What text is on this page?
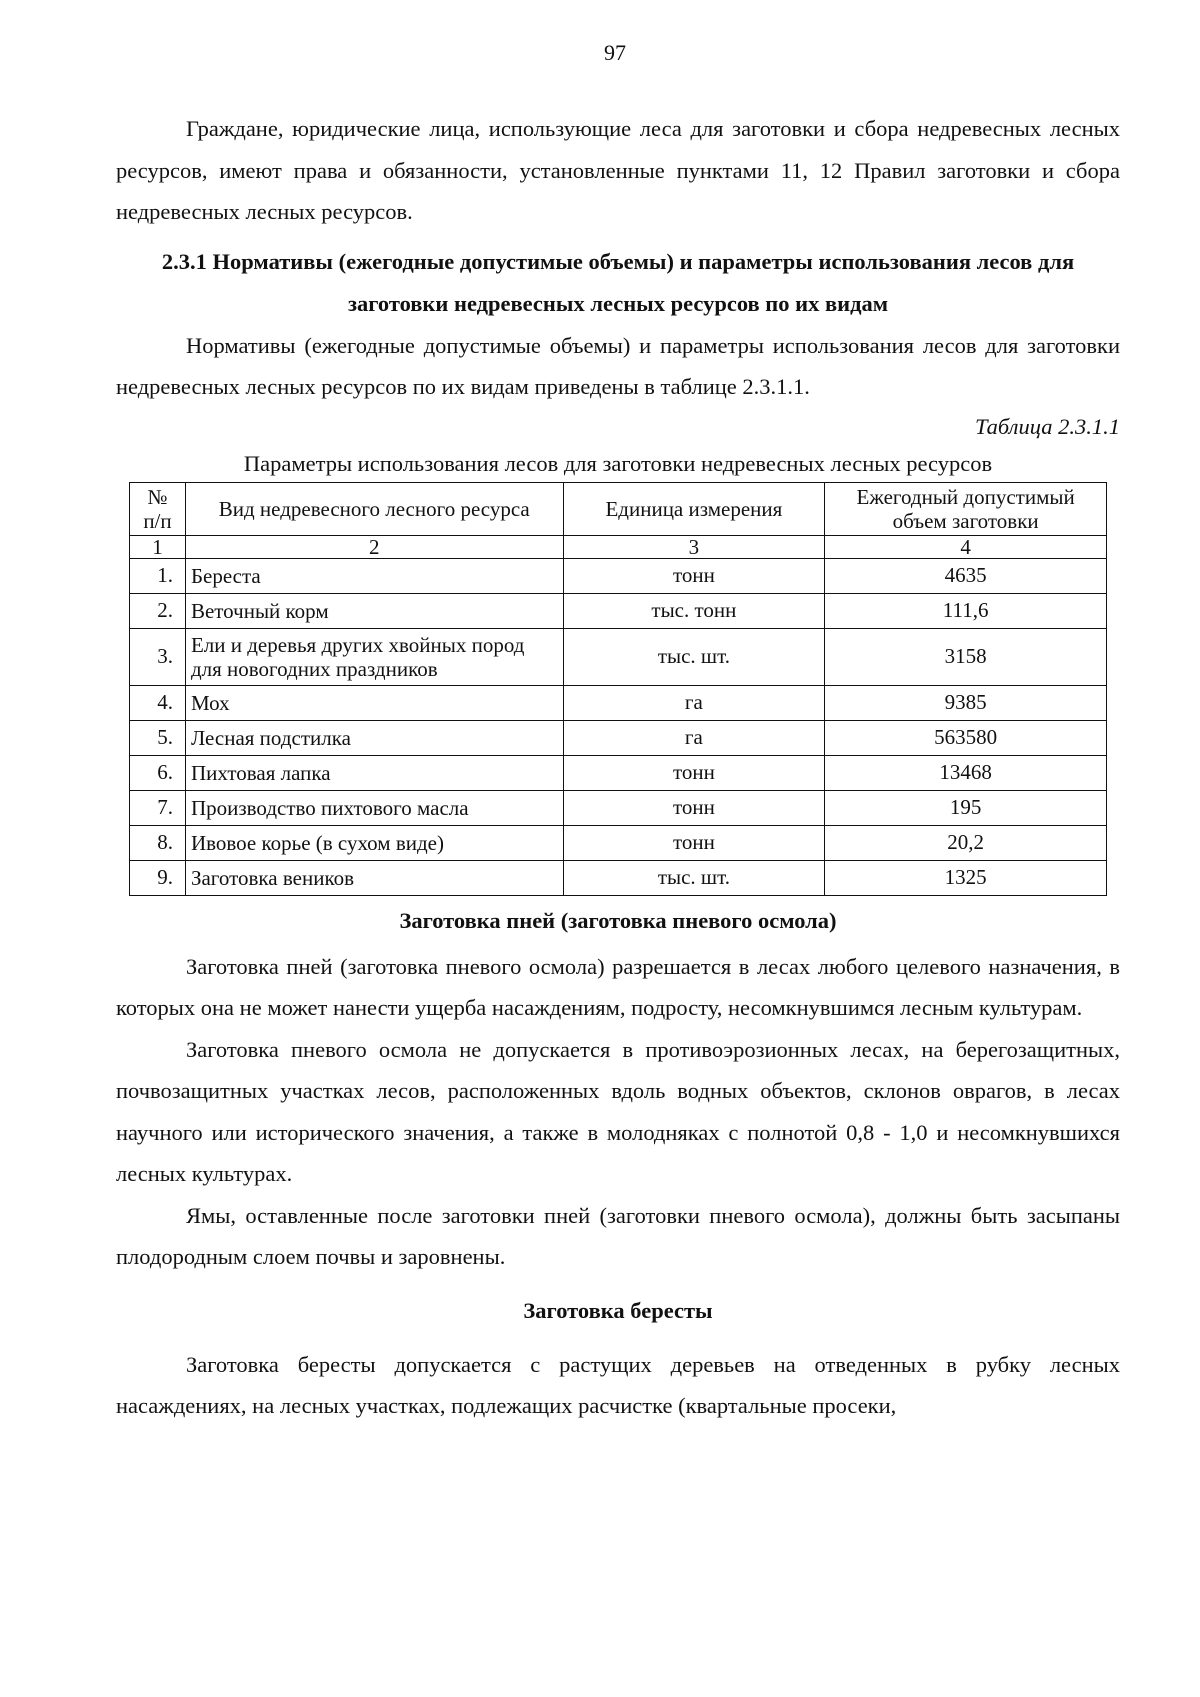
97

Граждане, юридические лица, использующие леса для заготовки и сбора недревесных лесных ресурсов, имеют права и обязанности, установленные пунктами 11, 12 Правил заготовки и сбора недревесных лесных ресурсов.

2.3.1 Нормативы (ежегодные допустимые объемы) и параметры использования лесов для
заготовки недревесных лесных ресурсов по их видам

Нормативы (ежегодные допустимые объемы) и параметры использования лесов для заготовки недревесных лесных ресурсов по их видам приведены в таблице 2.3.1.1.

Таблица 2.3.1.1

Параметры использования лесов для заготовки недревесных лесных ресурсов

№
п/п	Вид недревесного лесного ресурса	Единица измерения	Ежегодный допустимый
объем заготовки
1	2	3	4
1.	Береста	тонн	4635
2.	Веточный корм	тыс. тонн	111,6
3.	Ели и деревья других хвойных пород
для новогодних праздников	тыс. шт.	3158
4.	Мох	га	9385
5.	Лесная подстилка	га	563580
6.	Пихтовая лапка	тонн	13468
7.	Производство пихтового масла	тонн	195
8.	Ивовое корье (в сухом виде)	тонн	20,2
9.	Заготовка веников	тыс. шт.	1325

Заготовка пней (заготовка пневого осмола)

Заготовка пней (заготовка пневого осмола) разрешается в лесах любого целевого назначения, в которых она не может нанести ущерба насаждениям, подросту, несомкнувшимся лесным культурам.

Заготовка пневого осмола не допускается в противоэрозионных лесах, на берегозащитных, почвозащитных участках лесов, расположенных вдоль водных объектов, склонов оврагов, в лесах научного или исторического значения, а также в молодняках с полнотой 0,8 - 1,0 и несомкнувшихся лесных культурах.

Ямы, оставленные после заготовки пней (заготовки пневого осмола), должны быть засыпаны плодородным слоем почвы и заровнены.

Заготовка бересты

Заготовка бересты допускается с растущих деревьев на отведенных в рубку лесных насаждениях, на лесных участках, подлежащих расчистке (квартальные просеки,
